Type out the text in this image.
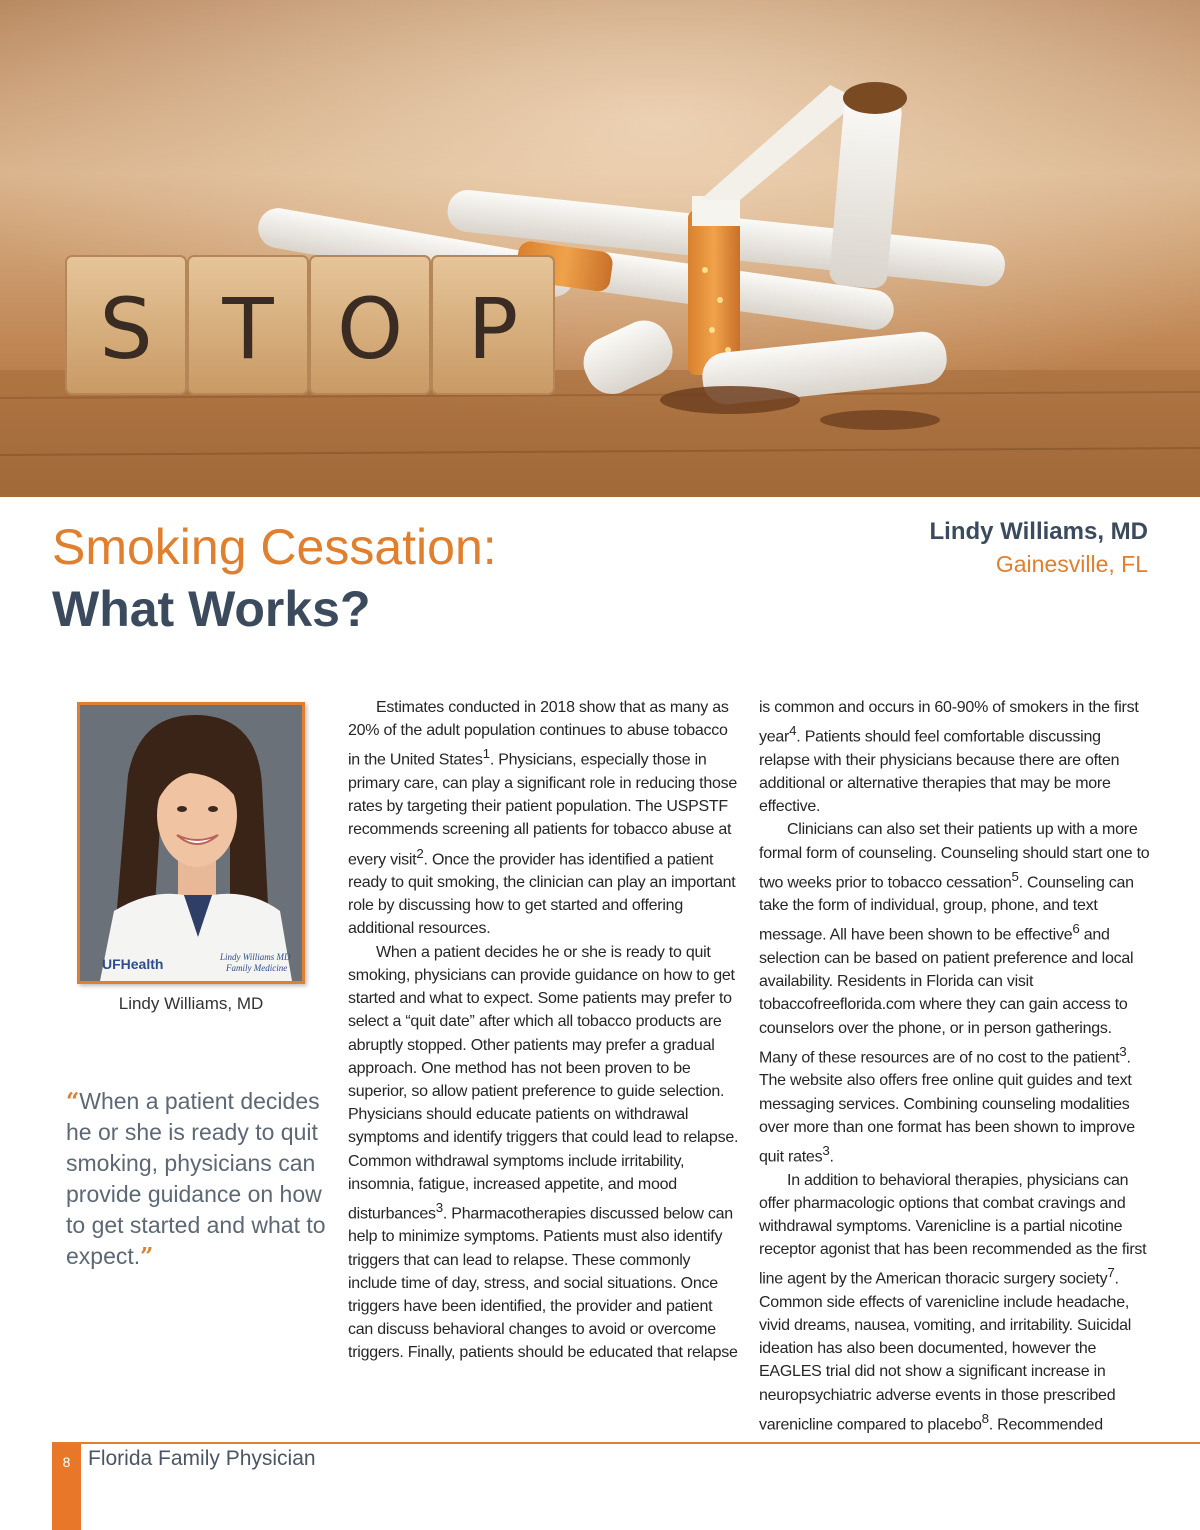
S T O P
Smoking Cessation:
What Works?
Lindy Williams, MD
Gainesville, FL
UFHealth	Lindy Williams MD
Family Medicine
Lindy Williams, MD
“When a patient decides he or she is ready to quit smoking, physicians can provide guidance on how to get started and what to expect.”

Estimates conducted in 2018 show that as many as 20% of the adult population continues to abuse tobacco in the United States$^1$. Physicians, especially those in primary care, can play a significant role in reducing those rates by targeting their patient population. The USPSTF recommends screening all patients for tobacco abuse at every visit$^2$. Once the provider has identified a patient ready to quit smoking, the clinician can play an important role by discussing how to get started and offering additional resources.

When a patient decides he or she is ready to quit smoking, physicians can provide guidance on how to get started and what to expect. Some patients may prefer to select a “quit date” after which all tobacco products are abruptly stopped. Other patients may prefer a gradual approach. One method has not been proven to be superior, so allow patient preference to guide selection. Physicians should educate patients on withdrawal symptoms and identify triggers that could lead to relapse. Common withdrawal symptoms include irritability, insomnia, fatigue, increased appetite, and mood disturbances$^3$. Pharmacotherapies discussed below can help to minimize symptoms. Patients must also identify triggers that can lead to relapse. These commonly include time of day, stress, and social situations. Once triggers have been identified, the provider and patient can discuss behavioral changes to avoid or overcome triggers. Finally, patients should be educated that relapse

is common and occurs in 60-90% of smokers in the first year$^4$. Patients should feel comfortable discussing relapse with their physicians because there are often additional or alternative therapies that may be more effective.

Clinicians can also set their patients up with a more formal form of counseling. Counseling should start one to two weeks prior to tobacco cessation$^5$. Counseling can take the form of individual, group, phone, and text message. All have been shown to be effective$^6$ and selection can be based on patient preference and local availability. Residents in Florida can visit tobaccofreeflorida.com where they can gain access to counselors over the phone, or in person gatherings. Many of these resources are of no cost to the patient$^3$. The website also offers free online quit guides and text messaging services. Combining counseling modalities over more than one format has been shown to improve quit rates$^3$.

In addition to behavioral therapies, physicians can offer pharmacologic options that combat cravings and withdrawal symptoms. Varenicline is a partial nicotine receptor agonist that has been recommended as the first line agent by the American thoracic surgery society$^7$. Common side effects of varenicline include headache, vivid dreams, nausea, vomiting, and irritability. Suicidal ideation has also been documented, however the EAGLES trial did not show a significant increase in neuropsychiatric adverse events in those prescribed varenicline compared to placebo$^8$. Recommended

8 Florida Family Physician
